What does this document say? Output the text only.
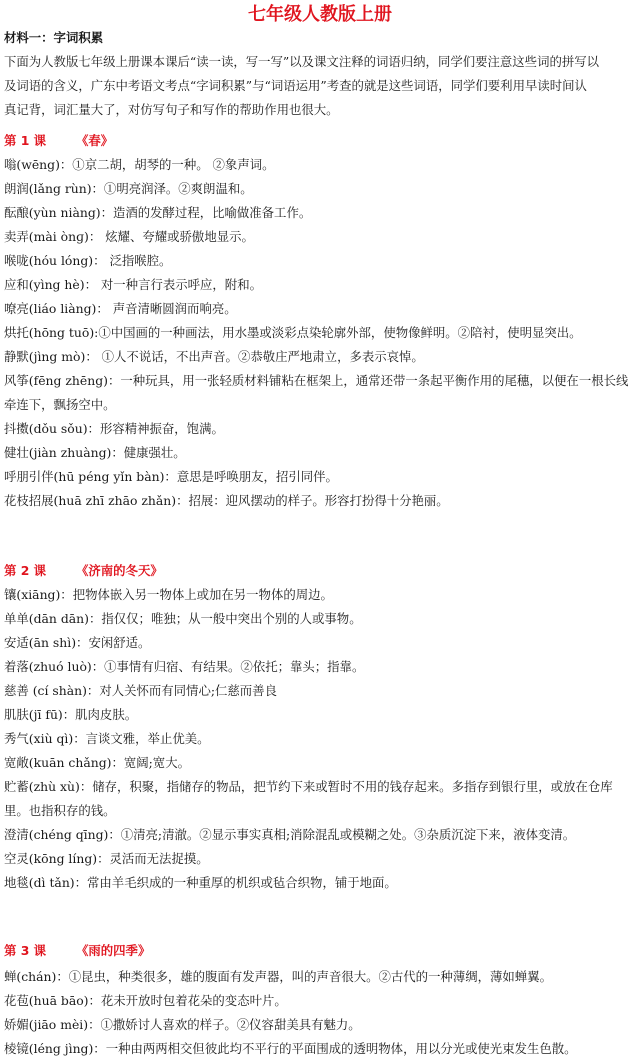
七年级人教版上册
材料一：字词积累
下面为人教版七年级上册课本课后“读一读，写一写”以及课文注释的词语归纳，同学们要注意这些词的拼写以
及词语的含义，广东中考语文考点“字词积累”与“词语运用”考查的就是这些词语，同学们要利用早读时间认
真记背，词汇量大了，对仿写句子和写作的帮助作用也很大。
第 1 课 《春》
嗡(wēng)：①京二胡，胡琴的一种。 ②象声词。
朗润(lǎng rùn)：①明亮润泽。②爽朗温和。
酝酿(yùn niàng)：造酒的发酵过程，比喻做准备工作。
卖弄(mài ònɡ)： 炫耀、夸耀或骄傲地显示。
喉咙(hóu lóng)： 泛指喉腔。
应和(yìng hè)： 对一种言行表示呼应，附和。
嘹亮(liáo liàng)： 声音清晰圆润而响亮。
烘托(hōng tuō):①中国画的一种画法，用水墨或淡彩点染轮廓外部，使物像鲜明。②陪衬，使明显突出。
静默(jìng mò)： ①人不说话，不出声音。②恭敬庄严地肃立，多表示哀悼。
风筝(fēng zhēng)：一种玩具，用一张轻质材料铺粘在框架上，通常还带一条起平衡作用的尾穗，以便在一根长线
牵连下，飘扬空中。
抖擞(dǒu sǒu)：形容精神振奋，饱满。
健壮(jiàn zhuàng)：健康强壮。
呼朋引伴(hū péng yǐn bàn)：意思是呼唤朋友，招引同伴。
花枝招展(huā zhī zhāo zhǎn)：招展：迎风摆动的样子。形容打扮得十分艳丽。
第 2 课 《济南的冬天》
镶(xiāng)：把物体嵌入另一物体上或加在另一物体的周边。
单单(dān dān)：指仅仅；唯独；从一般中突出个别的人或事物。
安适(ān shì)：安闲舒适。
着落(zhuó luò)：①事情有归宿、有结果。②依托；靠头；指靠。
慈善 (cí shàn)：对人关怀而有同情心;仁慈而善良
肌肤(jī fū)：肌肉皮肤。
秀气(xiù qì)：言谈文雅，举止优美。
宽敞(kuān chǎng)：宽阔;宽大。
贮蓄(zhù xù)：储存，积聚，指储存的物品，把节约下来或暂时不用的钱存起来。多指存到银行里，或放在仓库
里。也指积存的钱。
澄清(chéng qīng)：①清亮;清澈。②显示事实真相;消除混乱或模糊之处。③杂质沉淀下来，液体变清。
空灵(kōng líng)：灵活而无法捉摸。
地毯(dì tǎn)：常由羊毛织成的一种重厚的机织或毡合织物，铺于地面。
第 3 课 《雨的四季》
蝉(chán)：①昆虫，种类很多，雄的腹面有发声器，叫的声音很大。②古代的一种薄绸，薄如蝉翼。
花苞(huā bāo)：花未开放时包着花朵的变态叶片。
娇媚(jiāo mèi)：①撒娇讨人喜欢的样子。②仪容甜美具有魅力。
棱镜(léng jìng)：一种由两两相交但彼此均不平行的平面围成的透明物体，用以分光或使光束发生色散。
